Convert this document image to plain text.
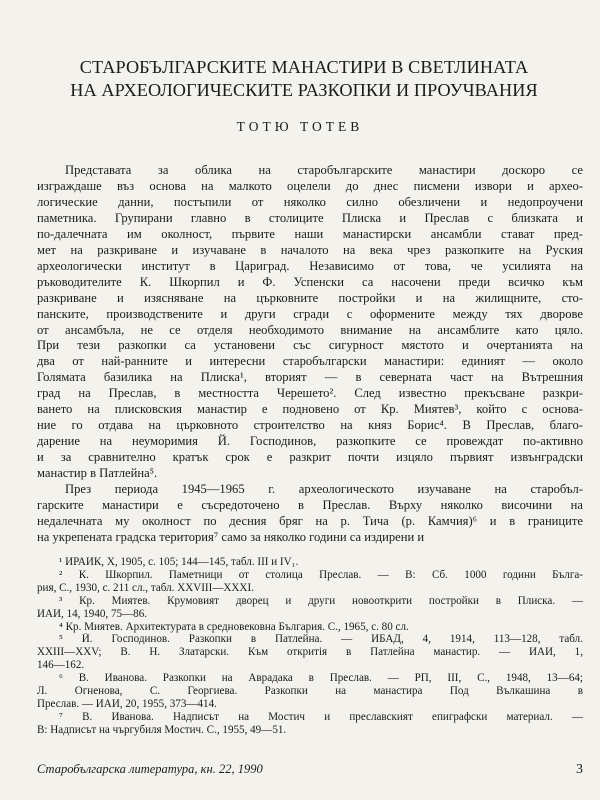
СТАРОБЪЛГАРСКИТЕ МАНАСТИРИ В СВЕТЛИНАТА
НА АРХЕОЛОГИЧЕСКИТЕ РАЗКОПКИ И ПРОУЧВАНИЯ
ТОТЮ ТОТЕВ
Представата за облика на старобългарските манастири доскоро се
изграждаше въз основа на малкото оцелели до днес писмени извори и архео-
логические данни, постъпили от няколко силно обезличени и недопроучени
паметника. Групирани главно в столиците Плиска и Преслав с близката и
по-далечната им околност, първите наши манастирски ансамбли стават пред-
мет на разкриване и изучаване в началото на века чрез разкопките на Руския
археологически институт в Цариград. Независимо от това, че усилията на
ръководителите К. Шкорпил и Ф. Успенски са насочени преди всичко към
разкриване и изясняване на църковните постройки и на жилищните, сто-
панските, производствените и други сгради с оформените между тях дворове
от ансамбъла, не се отделя необходимото внимание на ансамблите като цяло.
При тези разкопки са установени със сигурност мястото и очертанията на
два от най-ранните и интересни старобългарски манастири: единият — около
Голямата базилика на Плиска¹, вторият — в северната част на Вътрешния
град на Преслав, в местността Черешето². След известно прекъсване разкри-
ването на плисковския манастир е подновено от Кр. Миятев³, който с основа-
ние го отдава на църковното строителство на княз Борис⁴. В Преслав, благо-
дарение на неуморимия Й. Господинов, разкопките се провеждат по-активно
и за сравнително кратък срок е разкрит почти изцяло първият извънградски
манастир в Патлейна⁵.
През периода 1945—1965 г. археологическото изучаване на старобъл-
гарските манастири е съсредоточено в Преслав. Върху няколко височини на
недалечната му околност по десния бряг на р. Тича (р. Камчия)⁶ и в границите
на укрепената градска територия⁷ само за няколко години са издирени и
¹ ИРАИК, X, 1905, с. 105; 144—145, табл. III и IV₁.
² К. Шкорпил. Паметници от столица Преслав. — В: Сб. 1000 години Бълга-
рия, С., 1930, с. 211 сл., табл. XXVIII—XXXI.
³ Кр. Миятев. Крумовият дворец и други новооткрити постройки в Плиска. —
ИАИ, 14, 1940, 75—86.
⁴ Кр. Миятев. Архитектурата в средновековна България. С., 1965, с. 80 сл.
⁵ Й. Господинов. Разкопки в Патлейна. — ИБАД, 4, 1914, 113—128, табл.
XXIII—XXV; В. Н. Златарски. Към откритія в Патлейна манастир. — ИАИ, 1,
146—162.
⁶ В. Иванова. Разкопки на Аврадака в Преслав. — РП, III, С., 1948, 13—64;
Л. Огнeнова, С. Георгиева. Разкопки на манастира Под Вълкашина в
Преслав. — ИАИ, 20, 1955, 373—414.
⁷ В. Иванова. Надписът на Мостич и преславският епиграфски материал. —
В: Надписът на чъргубиля Мостич. С., 1955, 49—51.
Старобългарска литература, кн. 22, 1990	3
